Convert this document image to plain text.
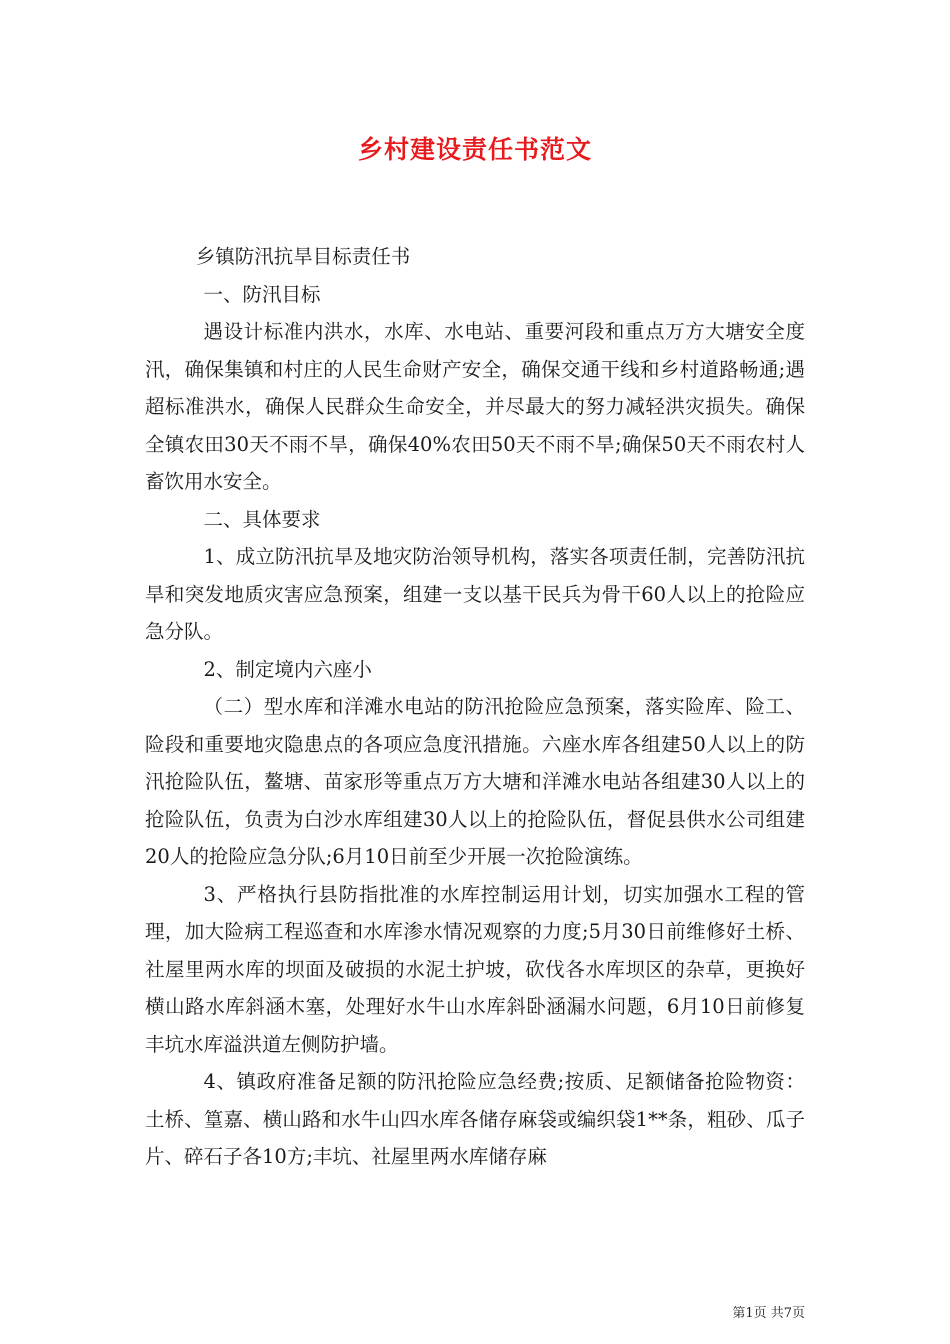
乡村建设责任书范文

乡镇防汛抗旱目标责任书

一、防汛目标

遇设计标准内洪水，水库、水电站、重要河段和重点万方大塘安全度汛，确保集镇和村庄的人民生命财产安全，确保交通干线和乡村道路畅通;遇超标准洪水，确保人民群众生命安全，并尽最大的努力减轻洪灾损失。确保全镇农田30天不雨不旱，确保40%农田50天不雨不旱;确保50天不雨农村人畜饮用水安全。

二、具体要求

1、成立防汛抗旱及地灾防治领导机构，落实各项责任制，完善防汛抗旱和突发地质灾害应急预案，组建一支以基干民兵为骨干60人以上的抢险应急分队。

2、制定境内六座小

（二）型水库和洋滩水电站的防汛抢险应急预案，落实险库、险工、险段和重要地灾隐患点的各项应急度汛措施。六座水库各组建50人以上的防汛抢险队伍，鳌塘、苗家形等重点万方大塘和洋滩水电站各组建30人以上的抢险队伍，负责为白沙水库组建30人以上的抢险队伍，督促县供水公司组建20人的抢险应急分队;6月10日前至少开展一次抢险演练。

3、严格执行县防指批准的水库控制运用计划，切实加强水工程的管理，加大险病工程巡查和水库渗水情况观察的力度;5月30日前维修好土桥、社屋里两水库的坝面及破损的水泥土护坡，砍伐各水库坝区的杂草，更换好横山路水库斜涵木塞，处理好水牛山水库斜卧涵漏水问题，6月10日前修复丰坑水库溢洪道左侧防护墙。

4、镇政府准备足额的防汛抢险应急经费;按质、足额储备抢险物资：土桥、篁嘉、横山路和水牛山四水库各储存麻袋或编织袋1**条，粗砂、瓜子片、碎石子各10方;丰坑、社屋里两水库储存麻

第1页 共7页
